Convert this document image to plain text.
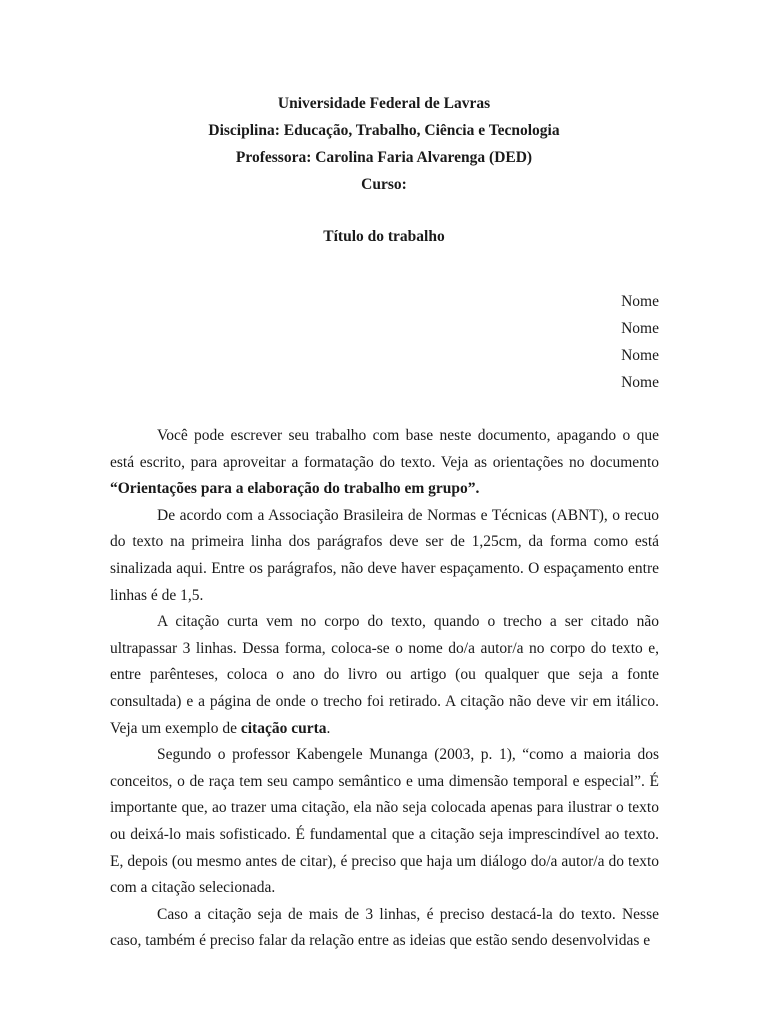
Universidade Federal de Lavras
Disciplina: Educação, Trabalho, Ciência e Tecnologia
Professora: Carolina Faria Alvarenga (DED)
Curso:
Título do trabalho
Nome
Nome
Nome
Nome

Você pode escrever seu trabalho com base neste documento, apagando o que está escrito, para aproveitar a formatação do texto. Veja as orientações no documento “Orientações para a elaboração do trabalho em grupo”.

De acordo com a Associação Brasileira de Normas e Técnicas (ABNT), o recuo do texto na primeira linha dos parágrafos deve ser de 1,25cm, da forma como está sinalizada aqui. Entre os parágrafos, não deve haver espaçamento. O espaçamento entre linhas é de 1,5.

A citação curta vem no corpo do texto, quando o trecho a ser citado não ultrapassar 3 linhas. Dessa forma, coloca-se o nome do/a autor/a no corpo do texto e, entre parênteses, coloca o ano do livro ou artigo (ou qualquer que seja a fonte consultada) e a página de onde o trecho foi retirado. A citação não deve vir em itálico. Veja um exemplo de citação curta.

Segundo o professor Kabengele Munanga (2003, p. 1), “como a maioria dos conceitos, o de raça tem seu campo semântico e uma dimensão temporal e especial”. É importante que, ao trazer uma citação, ela não seja colocada apenas para ilustrar o texto ou deixá-lo mais sofisticado. É fundamental que a citação seja imprescindível ao texto. E, depois (ou mesmo antes de citar), é preciso que haja um diálogo do/a autor/a do texto com a citação selecionada.

Caso a citação seja de mais de 3 linhas, é preciso destacá-la do texto. Nesse caso, também é preciso falar da relação entre as ideias que estão sendo desenvolvidas e
